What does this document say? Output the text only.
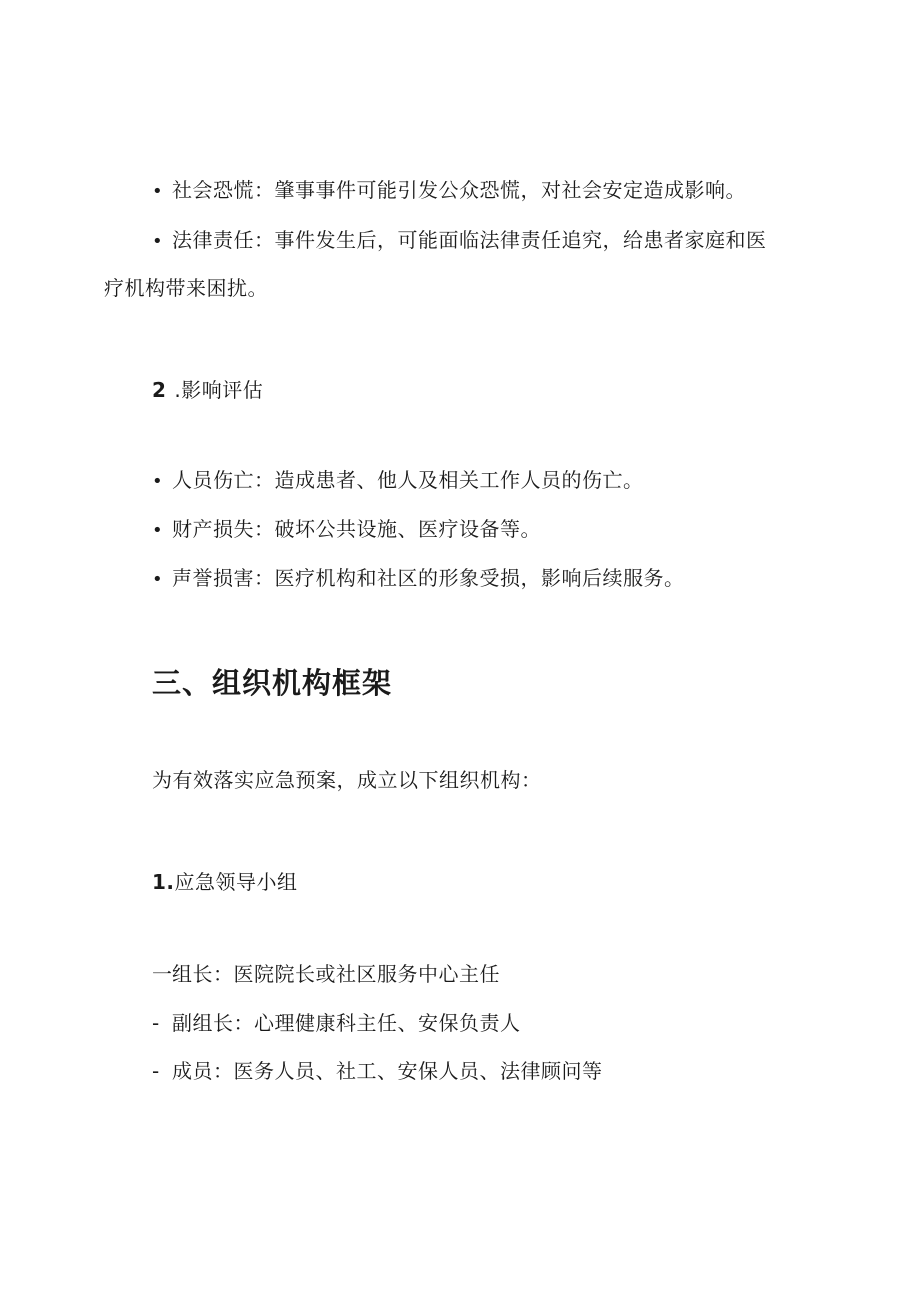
• 社会恐慌：肇事事件可能引发公众恐慌，对社会安定造成影响。
• 法律责任：事件发生后，可能面临法律责任追究，给患者家庭和医
疗机构带来困扰。
2 .影响评估
• 人员伤亡：造成患者、他人及相关工作人员的伤亡。
• 财产损失：破坏公共设施、医疗设备等。
• 声誉损害：医疗机构和社区的形象受损，影响后续服务。
三、组织机构框架
为有效落实应急预案，成立以下组织机构：
1.应急领导小组
一 组长：医院院长或社区服务中心主任
- 副组长：心理健康科主任、安保负责人
- 成员：医务人员、社工、安保人员、法律顾问等
